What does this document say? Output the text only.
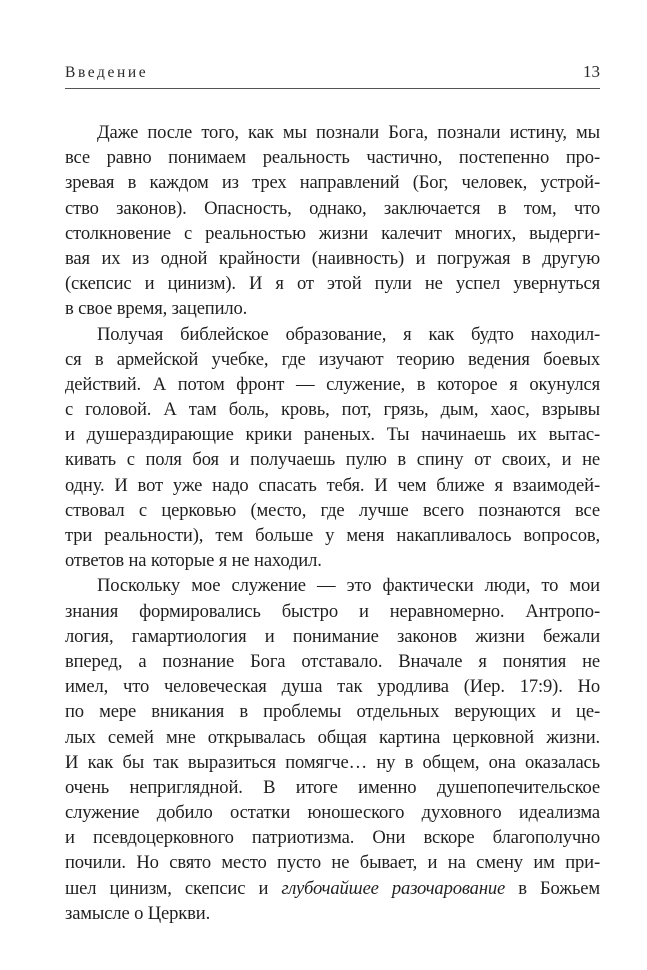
Введение	13

Даже после того, как мы познали Бога, познали истину, мы
все равно понимаем реальность частично, постепенно про-
зревая в каждом из трех направлений (Бог, человек, устрой-
ство законов). Опасность, однако, заключается в том, что
столкновение с реальностью жизни калечит многих, выдерги-
вая их из одной крайности (наивность) и погружая в другую
(скепсис и цинизм). И я от этой пули не успел увернуться
в свое время, зацепило.

Получая библейское образование, я как будто находил-
ся в армейской учебке, где изучают теорию ведения боевых
действий. А потом фронт — служение, в которое я окунулся
с головой. А там боль, кровь, пот, грязь, дым, хаос, взрывы
и душераздирающие крики раненых. Ты начинаешь их вытас-
кивать с поля боя и получаешь пулю в спину от своих, и не
одну. И вот уже надо спасать тебя. И чем ближе я взаимодей-
ствовал с церковью (место, где лучше всего познаются все
три реальности), тем больше у меня накапливалось вопросов,
ответов на которые я не находил.

Поскольку мое служение — это фактически люди, то мои
знания формировались быстро и неравномерно. Антропо-
логия, гамартиология и понимание законов жизни бежали
вперед, а познание Бога отставало. Вначале я понятия не
имел, что человеческая душа так уродлива (Иер. 17:9). Но
по мере вникания в проблемы отдельных верующих и це-
лых семей мне открывалась общая картина церковной жизни.
И как бы так выразиться помягче… ну в общем, она оказалась
очень неприглядной. В итоге именно душепопечительское
служение добило остатки юношеского духовного идеализма
и псевдоцерковного патриотизма. Они вскоре благополучно
почили. Но свято место пусто не бывает, и на смену им при-
шел цинизм, скепсис и глубочайшее разочарование в Божьем
замысле о Церкви.
